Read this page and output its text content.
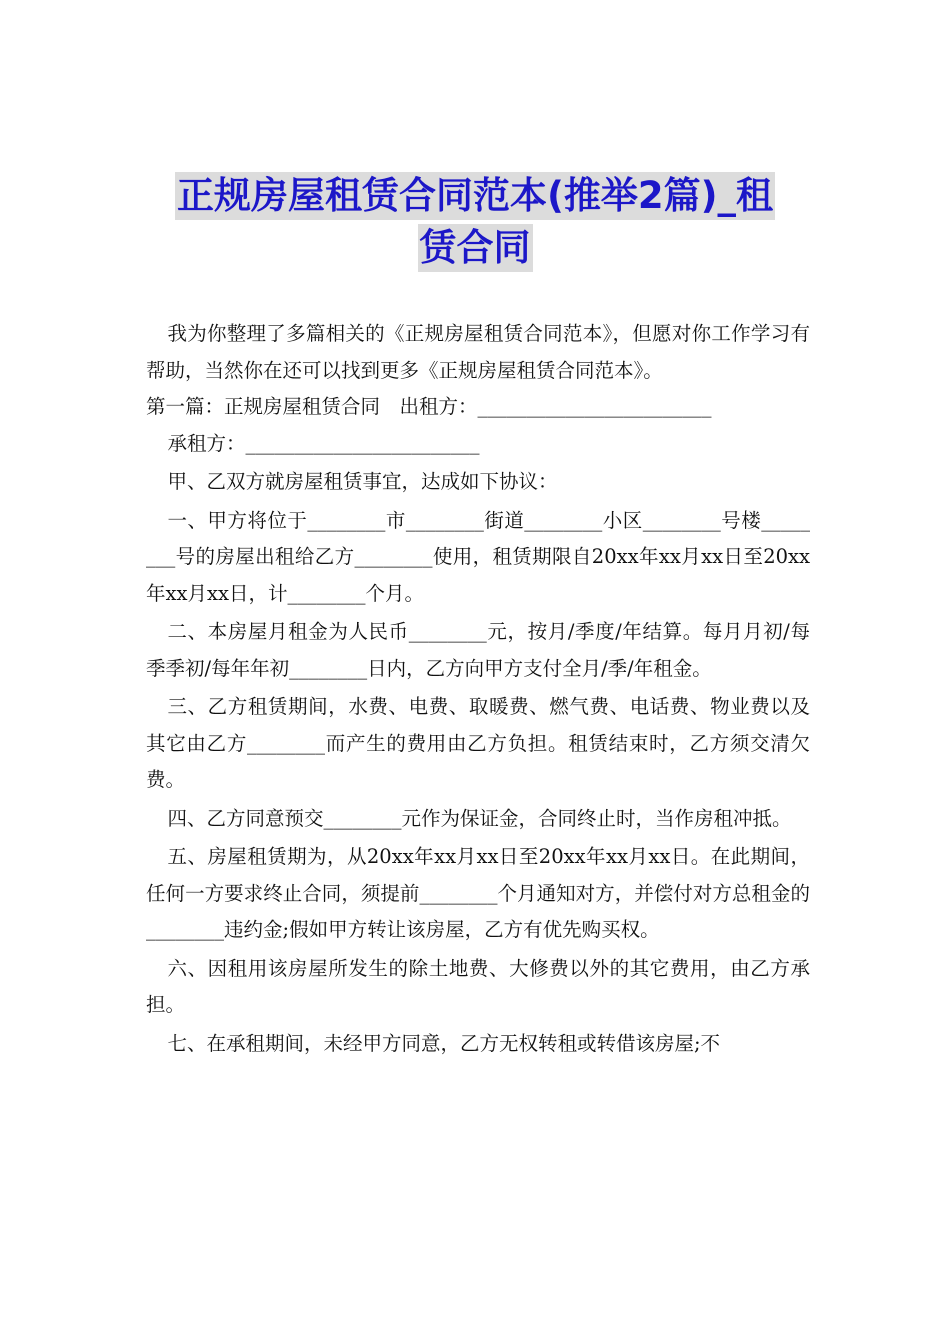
正规房屋租赁合同范本(推举2篇)_租
赁合同

我为你整理了多篇相关的《正规房屋租赁合同范本》，但愿对你工作学习有帮助，当然你在还可以找到更多《正规房屋租赁合同范本》。

第一篇：正规房屋租赁合同　出租方：________________________

承租方：________________________

甲、乙双方就房屋租赁事宜，达成如下协议：

一、甲方将位于________市________街道________小区________号楼________号的房屋出租给乙方________使用，租赁期限自20xx年xx月xx日至20xx年xx月xx日，计________个月。

二、本房屋月租金为人民币________元，按月/季度/年结算。每月月初/每季季初/每年年初________日内，乙方向甲方支付全月/季/年租金。

三、乙方租赁期间，水费、电费、取暖费、燃气费、电话费、物业费以及其它由乙方________而产生的费用由乙方负担。租赁结束时，乙方须交清欠费。

四、乙方同意预交________元作为保证金，合同终止时，当作房租冲抵。

五、房屋租赁期为，从20xx年xx月xx日至20xx年xx月xx日。在此期间，任何一方要求终止合同，须提前________个月通知对方，并偿付对方总租金的________违约金;假如甲方转让该房屋，乙方有优先购买权。

六、因租用该房屋所发生的除土地费、大修费以外的其它费用，由乙方承担。

七、在承租期间，未经甲方同意，乙方无权转租或转借该房屋;不
